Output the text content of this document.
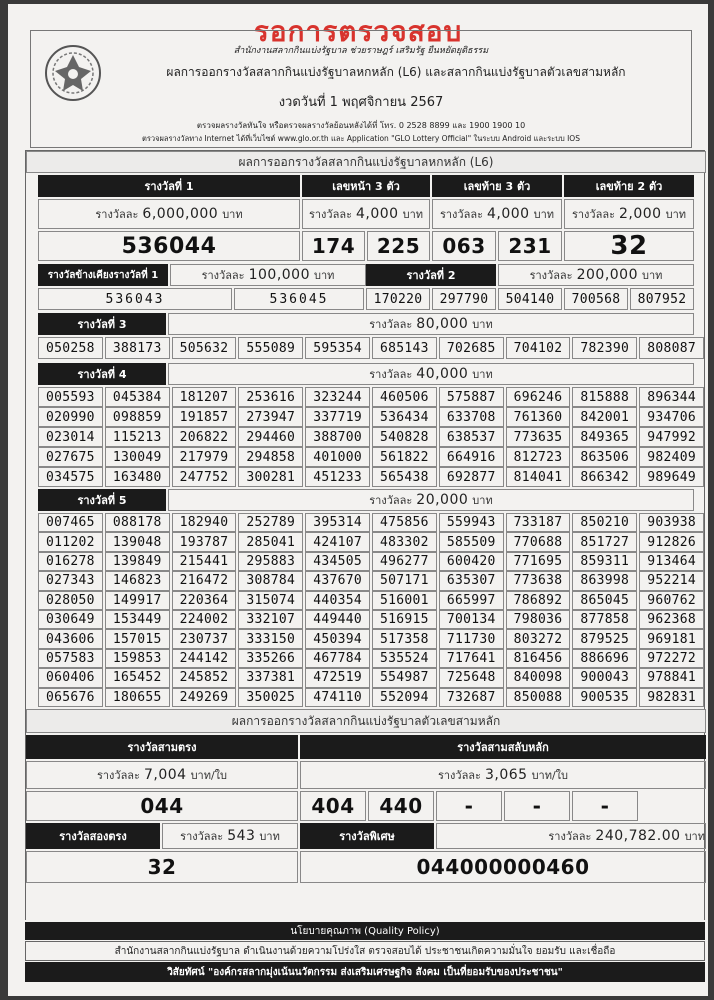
รอการตรวจสอบ
สำนักงานสลากกินแบ่งรัฐบาล ช่วยราษฎร์ เสริมรัฐ ยืนหยัดยุติธรรม
ผลการออกรางวัลสลากกินแบ่งรัฐบาลหกหลัก (L6) และสลากกินแบ่งรัฐบาลตัวเลขสามหลัก
งวดวันที่ 1 พฤศจิกายน 2567
ตรวจผลรางวัลทันใจ หรือตรวจผลรางวัลย้อนหลังได้ที่ โทร. 0 2528 8899 และ 1900 1900 10
ตรวจผลรางวัลทาง Internet ได้ที่เว็บไซต์ www.glo.or.th และ Application "GLO Lottery Official" ในระบบ Android และระบบ IOS
ผลการออกรางวัลสลากกินแบ่งรัฐบาลหกหลัก (L6)
รางวัลที่ 1	เลขหน้า 3 ตัว	เลขท้าย 3 ตัว	เลขท้าย 2 ตัว
รางวัลละ 6,000,000 บาท	รางวัลละ 4,000 บาท รางวัลละ 4,000 บาท รางวัลละ 2,000 บาท
536044	174	225	063	231	32
รางวัลข้างเคียงรางวัลที่ 1	รางวัลละ 100,000 บาท	รางวัลที่ 2	รางวัลละ 200,000 บาท
536043	536045	170220	297790	504140	700568	807952
รางวัลที่ 3	รางวัลละ 80,000 บาท
050258	388173	505632	555089	595354	685143	702685	704102	782390	808087
รางวัลที่ 4	รางวัลละ 40,000 บาท
005593	045384	181207	253616	323244	460506	575887	696246	815888	896344
020990	098859	191857	273947	337719	536434	633708	761360	842001	934706
023014	115213	206822	294460	388700	540828	638537	773635	849365	947992
027675	130049	217979	294858	401000	561822	664916	812723	863506	982409
034575	163480	247752	300281	451233	565438	692877	814041	866342	989649
รางวัลที่ 5	รางวัลละ 20,000 บาท
007465	088178	182940	252789	395314	475856	559943	733187	850210	903938
011202	139048	193787	285041	424107	483302	585509	770688	851727	912826
016278	139849	215441	295883	434505	496277	600420	771695	859311	913464
027343	146823	216472	308784	437670	507171	635307	773638	863998	952214
028050	149917	220364	315074	440354	516001	665997	786892	865045	960762
030649	153449	224002	332107	449440	516915	700134	798036	877858	962368
043606	157015	230737	333150	450394	517358	711730	803272	879525	969181
057583	159853	244142	335266	467784	535524	717641	816456	886696	972272
060406	165452	245852	337381	472519	554987	725648	840098	900043	978841
065676	180655	249269	350025	474110	552094	732687	850088	900535	982831
ผลการออกรางวัลสลากกินแบ่งรัฐบาลตัวเลขสามหลัก
รางวัลสามตรง	รางวัลสามสลับหลัก
รางวัลละ 7,004 บาท/ใบ	รางวัลละ 3,065 บาท/ใบ
044	404	440	-	-	-
รางวัลสองตรง	รางวัลละ 543 บาท	รางวัลพิเศษ	รางวัลละ 240,782.00 บาท
32	044000000460
นโยบายคุณภาพ (Quality Policy)
สำนักงานสลากกินแบ่งรัฐบาล ดำเนินงานด้วยความโปร่งใส ตรวจสอบได้ ประชาชนเกิดความมั่นใจ ยอมรับ และเชื่อถือ
วิสัยทัศน์ "องค์กรสลากมุ่งเน้นนวัตกรรม ส่งเสริมเศรษฐกิจ สังคม เป็นที่ยอมรับของประชาชน"
